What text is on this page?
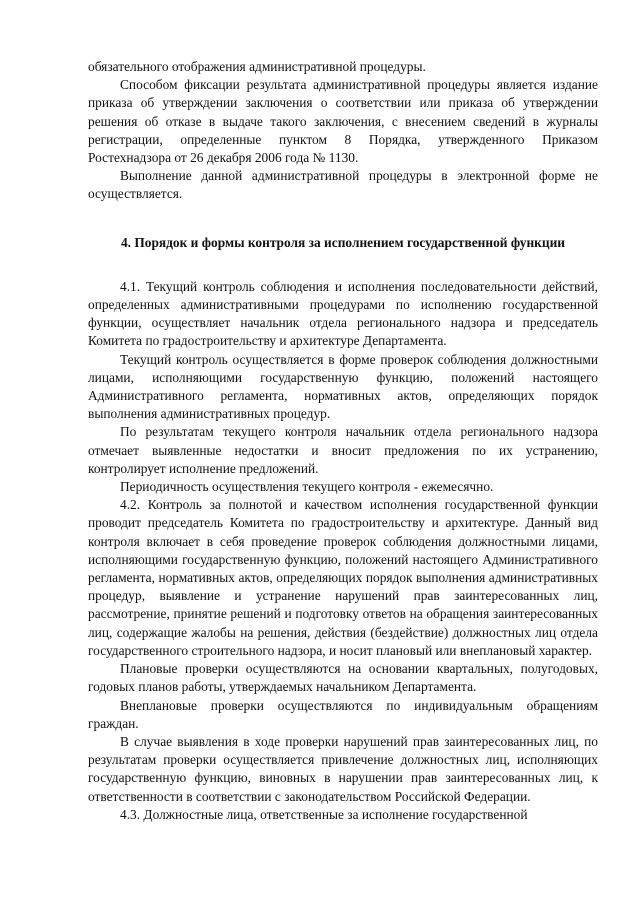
обязательного отображения административной процедуры.

Способом фиксации результата административной процедуры является издание приказа об утверждении заключения о соответствии или приказа об утверждении решения об отказе в выдаче такого заключения, с внесением сведений в журналы регистрации, определенные пунктом 8 Порядка, утвержденного Приказом Ростехнадзора от 26 декабря 2006 года № 1130.

Выполнение данной административной процедуры в электронной форме не осуществляется.

4. Порядок и формы контроля за исполнением государственной функции

4.1. Текущий контроль соблюдения и исполнения последовательности действий, определенных административными процедурами по исполнению государственной функции, осуществляет начальник отдела регионального надзора и председатель Комитета по градостроительству и архитектуре Департамента.

Текущий контроль осуществляется в форме проверок соблюдения должностными лицами, исполняющими государственную функцию, положений настоящего Административного регламента, нормативных актов, определяющих порядок выполнения административных процедур.

По результатам текущего контроля начальник отдела регионального надзора отмечает выявленные недостатки и вносит предложения по их устранению, контролирует исполнение предложений.

Периодичность осуществления текущего контроля - ежемесячно.

4.2. Контроль за полнотой и качеством исполнения государственной функции проводит председатель Комитета по градостроительству и архитектуре. Данный вид контроля включает в себя проведение проверок соблюдения должностными лицами, исполняющими государственную функцию, положений настоящего Административного регламента, нормативных актов, определяющих порядок выполнения административных процедур, выявление и устранение нарушений прав заинтересованных лиц, рассмотрение, принятие решений и подготовку ответов на обращения заинтересованных лиц, содержащие жалобы на решения, действия (бездействие) должностных лиц отдела государственного строительного надзора, и носит плановый или внеплановый характер.

Плановые проверки осуществляются на основании квартальных, полугодовых, годовых планов работы, утверждаемых начальником Департамента.

Внеплановые проверки осуществляются по индивидуальным обращениям граждан.

В случае выявления в ходе проверки нарушений прав заинтересованных лиц, по результатам проверки осуществляется привлечение должностных лиц, исполняющих государственную функцию, виновных в нарушении прав заинтересованных лиц, к ответственности в соответствии с законодательством Российской Федерации.

4.3. Должностные лица, ответственные за исполнение государственной
